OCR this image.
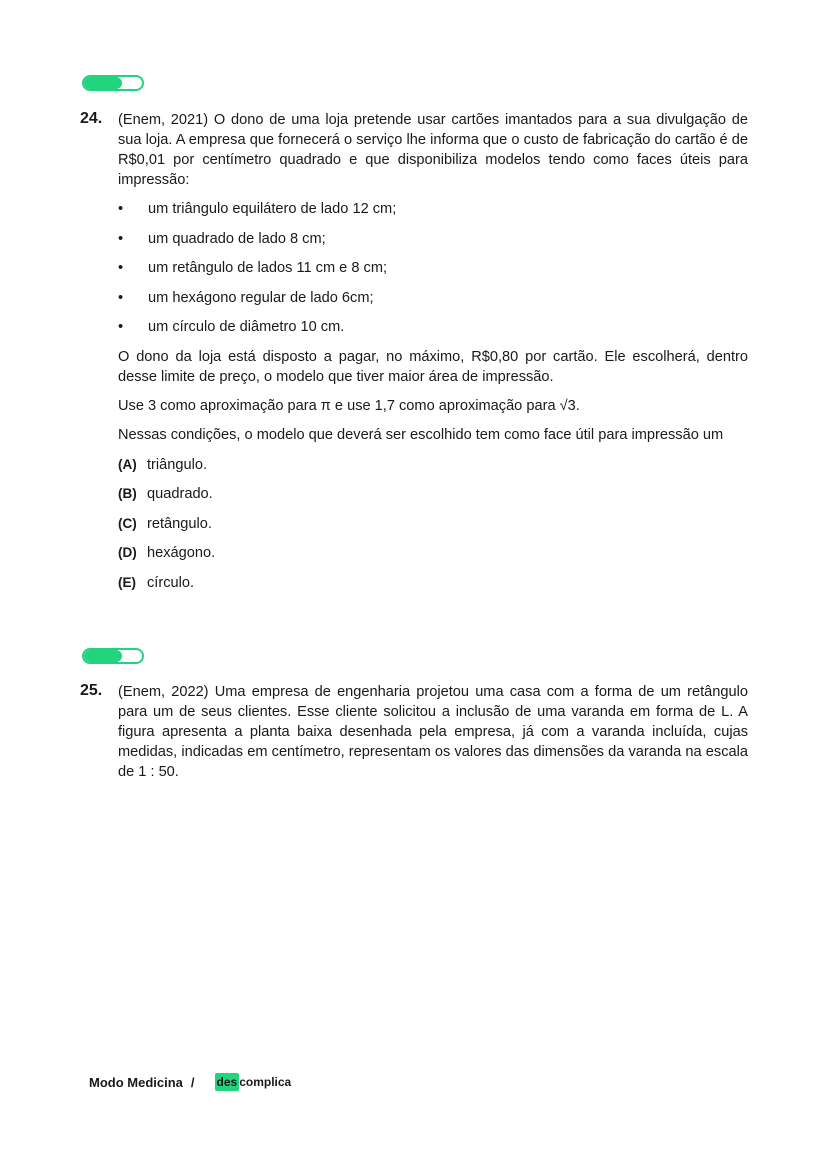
24. (Enem, 2021) O dono de uma loja pretende usar cartões imantados para a sua divulgação de sua loja. A empresa que fornecerá o serviço lhe informa que o custo de fabricação do cartão é de R$0,01 por centímetro quadrado e que disponibiliza modelos tendo como faces úteis para impressão:

• um triângulo equilátero de lado 12 cm;
• um quadrado de lado 8 cm;
• um retângulo de lados 11 cm e 8 cm;
• um hexágono regular de lado 6cm;
• um círculo de diâmetro 10 cm.

O dono da loja está disposto a pagar, no máximo, R$0,80 por cartão. Ele escolherá, dentro desse limite de preço, o modelo que tiver maior área de impressão.

Use 3 como aproximação para π e use 1,7 como aproximação para √3.

Nessas condições, o modelo que deverá ser escolhido tem como face útil para impressão um

(A) triângulo.
(B) quadrado.
(C) retângulo.
(D) hexágono.
(E) círculo.
25. (Enem, 2022) Uma empresa de engenharia projetou uma casa com a forma de um retângulo para um de seus clientes. Esse cliente solicitou a inclusão de uma varanda em forma de L. A figura apresenta a planta baixa desenhada pela empresa, já com a varanda incluída, cujas medidas, indicadas em centímetro, representam os valores das dimensões da varanda na escala de 1 : 50.

Modo Medicina / des complica
